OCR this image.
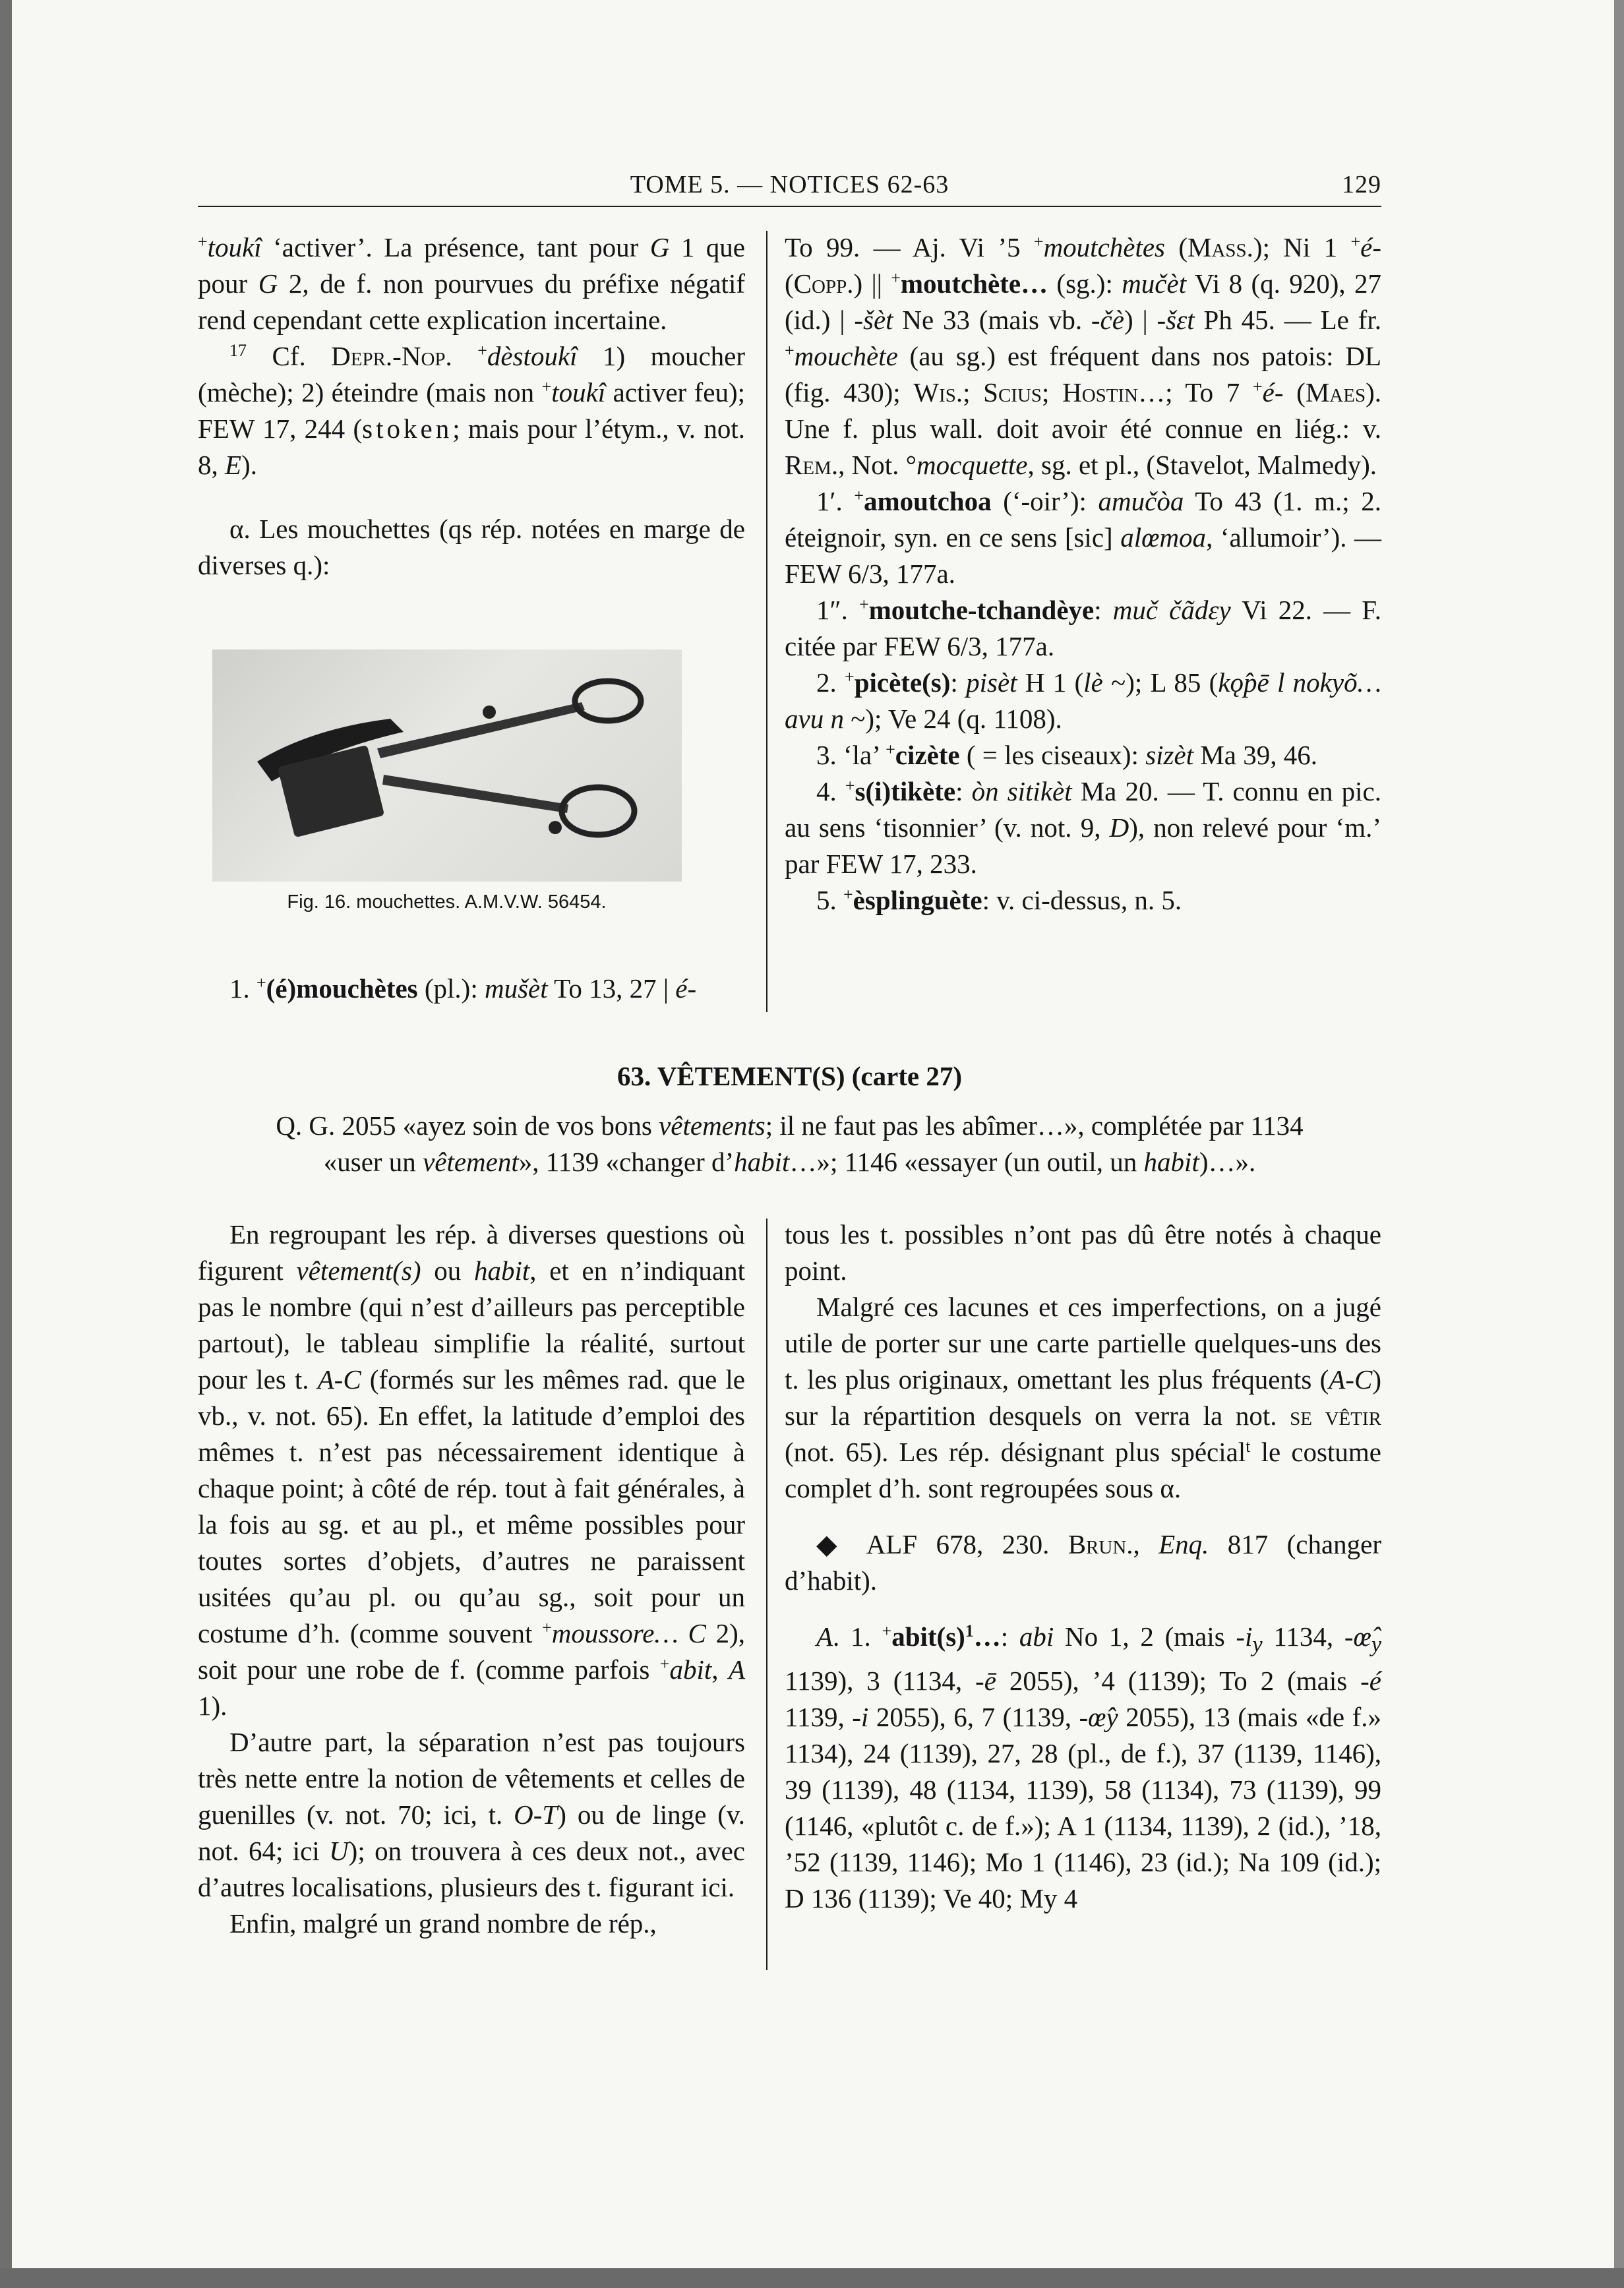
TOME 5. — NOTICES 62-63	129

+toukî ‘activer’. La présence, tant pour G 1 que pour G 2, de f. non pourvues du préfixe négatif rend cependant cette explication incertaine.

$^{17}$ Cf. Depr.-Nop. +dèstoukî 1) moucher (mèche); 2) éteindre (mais non +toukî activer feu); FEW 17, 244 (stoken; mais pour l’étym., v. not. 8, E).

α. Les mouchettes (qs rép. notées en marge de diverses q.):

Fig. 16. mouchettes. A.M.V.W. 56454.

1. +(é)mouchètes (pl.): mušèt To 13, 27 | é-

To 99. — Aj. Vi ’5 +moutchètes (Mass.); Ni 1 +é- (Copp.) || +moutchète… (sg.): mučèt Vi 8 (q. 920), 27 (id.) | -šèt Ne 33 (mais vb. -čè) | -šɛt Ph 45. — Le fr. +mouchète (au sg.) est fréquent dans nos patois: DL (fig. 430); Wis.; Scius; Hostin…; To 7 +é- (Maes). Une f. plus wall. doit avoir été connue en liég.: v. Rem., Not. °mocquette, sg. et pl., (Stavelot, Malmedy).

1′. +amoutchoa (‘-oir’): amučòa To 43 (1. m.; 2. éteignoir, syn. en ce sens [sic] alœmoa, ‘allumoir’). — FEW 6/3, 177a.

1″. +moutche-tchandèye: muč čãdɛy Vi 22. — F. citée par FEW 6/3, 177a.

2. +picète(s): pisèt H 1 (lè ~); L 85 (kǫ̂pē l nokyõ… avu n ~); Ve 24 (q. 1108).

3. ‘la’ +cizète ( = les ciseaux): sizèt Ma 39, 46.

4. +s(i)tikète: òn sitikèt Ma 20. — T. connu en pic. au sens ‘tisonnier’ (v. not. 9, D), non relevé pour ‘m.’ par FEW 17, 233.

5. +èsplinguète: v. ci-dessus, n. 5.

63. VÊTEMENT(S) (carte 27)
Q. G. 2055 «ayez soin de vos bons vêtements; il ne faut pas les abîmer…», complétée par 1134
«user un vêtement», 1139 «changer d’habit…»; 1146 «essayer (un outil, un habit)…».

En regroupant les rép. à diverses questions où figurent vêtement(s) ou habit, et en n’indiquant pas le nombre (qui n’est d’ailleurs pas perceptible partout), le tableau simplifie la réalité, surtout pour les t. A-C (formés sur les mêmes rad. que le vb., v. not. 65). En effet, la latitude d’emploi des mêmes t. n’est pas nécessairement identique à chaque point; à côté de rép. tout à fait générales, à la fois au sg. et au pl., et même possibles pour toutes sortes d’objets, d’autres ne paraissent usitées qu’au pl. ou qu’au sg., soit pour un costume d’h. (comme souvent +moussore… C 2), soit pour une robe de f. (comme parfois +abit, A 1).

D’autre part, la séparation n’est pas toujours très nette entre la notion de vêtements et celles de guenilles (v. not. 70; ici, t. O-T) ou de linge (v. not. 64; ici U); on trouvera à ces deux not., avec d’autres localisations, plusieurs des t. figurant ici.

Enfin, malgré un grand nombre de rép.,

tous les t. possibles n’ont pas dû être notés à chaque point.

Malgré ces lacunes et ces imperfections, on a jugé utile de porter sur une carte partielle quelques-uns des t. les plus originaux, omettant les plus fréquents (A-C) sur la répartition desquels on verra la not. se vêtir (not. 65). Les rép. désignant plus spécial$^t$ le costume complet d’h. sont regroupées sous α.

◆ ALF 678, 230. Brun., Enq. 817 (changer d’habit).

A. 1. $^+abit(s)^1\dots$: abi No 1, 2 (mais $-i_y$ 1134, $-œ̂_y$ 1139), 3 (1134, -ē 2055), ’4 (1139); To 2 (mais -é 1139, -i 2055), 6, 7 (1139, -œ̂y 2055), 13 (mais «de f.» 1134), 24 (1139), 27, 28 (pl., de f.), 37 (1139, 1146), 39 (1139), 48 (1134, 1139), 58 (1134), 73 (1139), 99 (1146, «plutôt c. de f.»); A 1 (1134, 1139), 2 (id.), ’18, ’52 (1139, 1146); Mo 1 (1146), 23 (id.); Na 109 (id.); D 136 (1139); Ve 40; My 4
